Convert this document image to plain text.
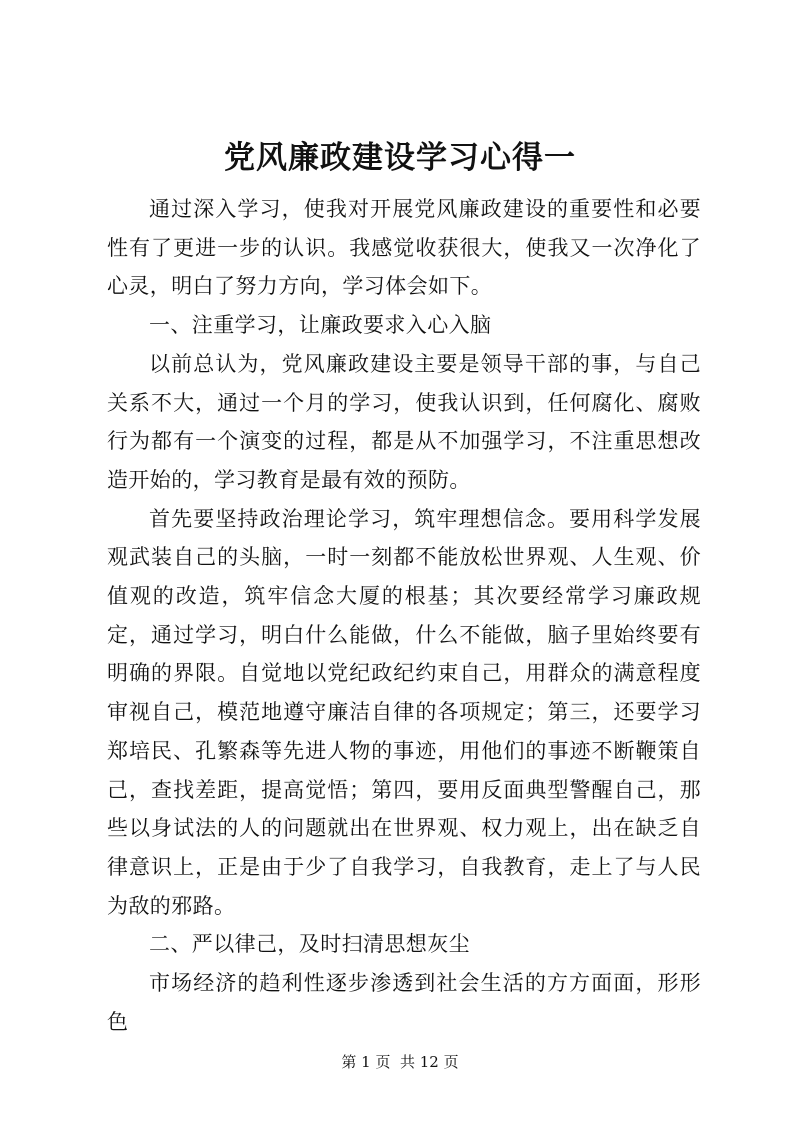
党风廉政建设学习心得一

通过深入学习，使我对开展党风廉政建设的重要性和必要性有了更进一步的认识。我感觉收获很大，使我又一次净化了心灵，明白了努力方向，学习体会如下。

一、注重学习，让廉政要求入心入脑

以前总认为，党风廉政建设主要是领导干部的事，与自己关系不大，通过一个月的学习，使我认识到，任何腐化、腐败行为都有一个演变的过程，都是从不加强学习，不注重思想改造开始的，学习教育是最有效的预防。

首先要坚持政治理论学习，筑牢理想信念。要用科学发展观武装自己的头脑，一时一刻都不能放松世界观、人生观、价值观的改造，筑牢信念大厦的根基；其次要经常学习廉政规定，通过学习，明白什么能做，什么不能做，脑子里始终要有明确的界限。自觉地以党纪政纪约束自己，用群众的满意程度审视自己，模范地遵守廉洁自律的各项规定；第三，还要学习郑培民、孔繁森等先进人物的事迹，用他们的事迹不断鞭策自己，查找差距，提高觉悟；第四，要用反面典型警醒自己，那些以身试法的人的问题就出在世界观、权力观上，出在缺乏自律意识上，正是由于少了自我学习，自我教育，走上了与人民为敌的邪路。

二、严以律己，及时扫清思想灰尘

市场经济的趋利性逐步渗透到社会生活的方方面面，形形色

第 1 页  共 12 页
